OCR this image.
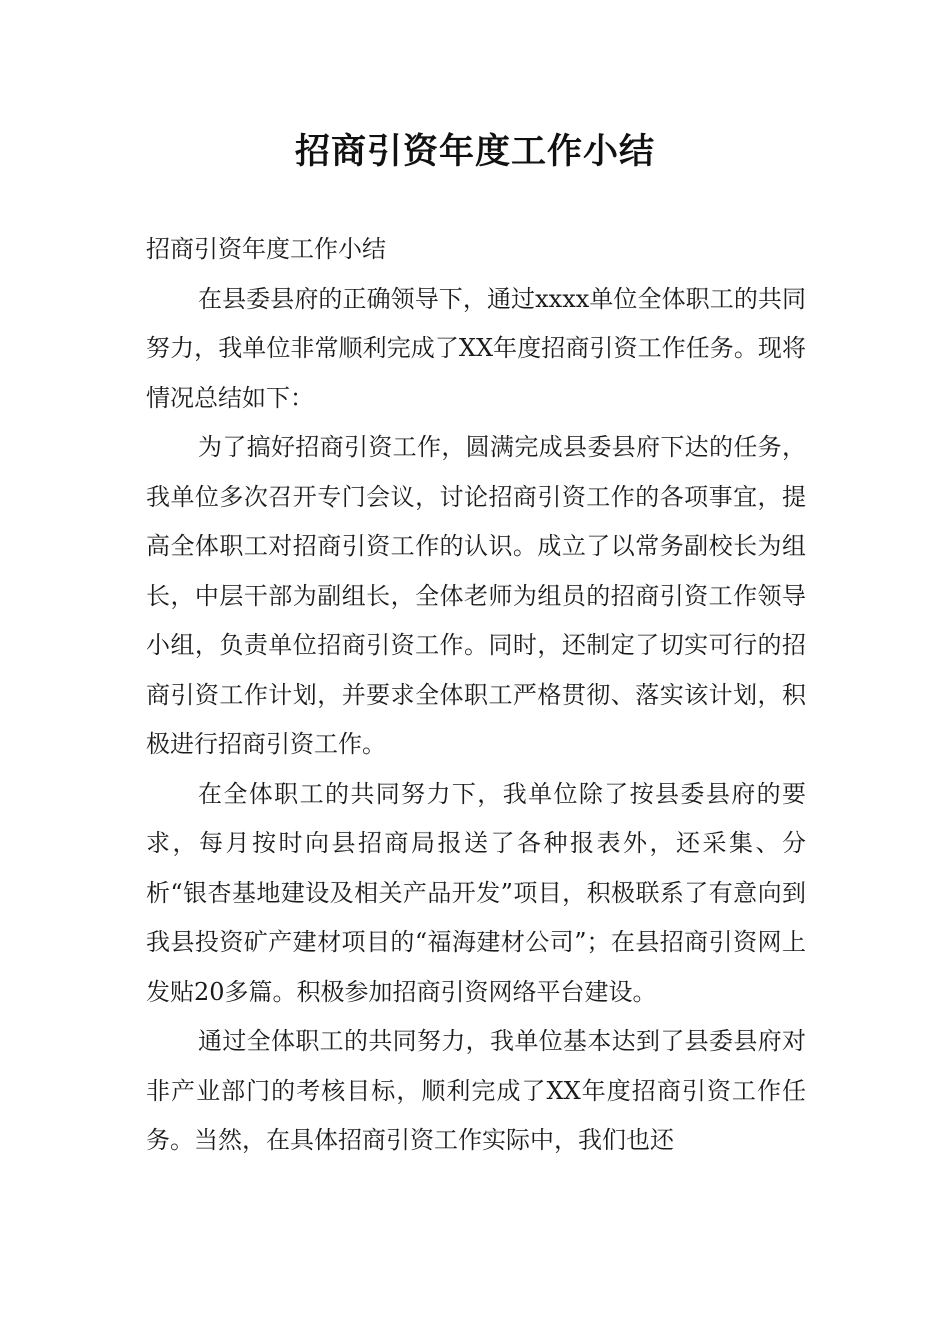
招商引资年度工作小结

招商引资年度工作小结

在县委县府的正确领导下，通过xxxx单位全体职工的共同努力，我单位非常顺利完成了XX年度招商引资工作任务。现将情况总结如下：

为了搞好招商引资工作，圆满完成县委县府下达的任务，我单位多次召开专门会议，讨论招商引资工作的各项事宜，提高全体职工对招商引资工作的认识。成立了以常务副校长为组长，中层干部为副组长，全体老师为组员的招商引资工作领导小组，负责单位招商引资工作。同时，还制定了切实可行的招商引资工作计划，并要求全体职工严格贯彻、落实该计划，积极进行招商引资工作。

在全体职工的共同努力下，我单位除了按县委县府的要求，每月按时向县招商局报送了各种报表外，还采集、分析“银杏基地建设及相关产品开发”项目，积极联系了有意向到我县投资矿产建材项目的“福海建材公司”；在县招商引资网上发贴20多篇。积极参加招商引资网络平台建设。

通过全体职工的共同努力，我单位基本达到了县委县府对非产业部门的考核目标，顺利完成了XX年度招商引资工作任务。当然，在具体招商引资工作实际中，我们也还
